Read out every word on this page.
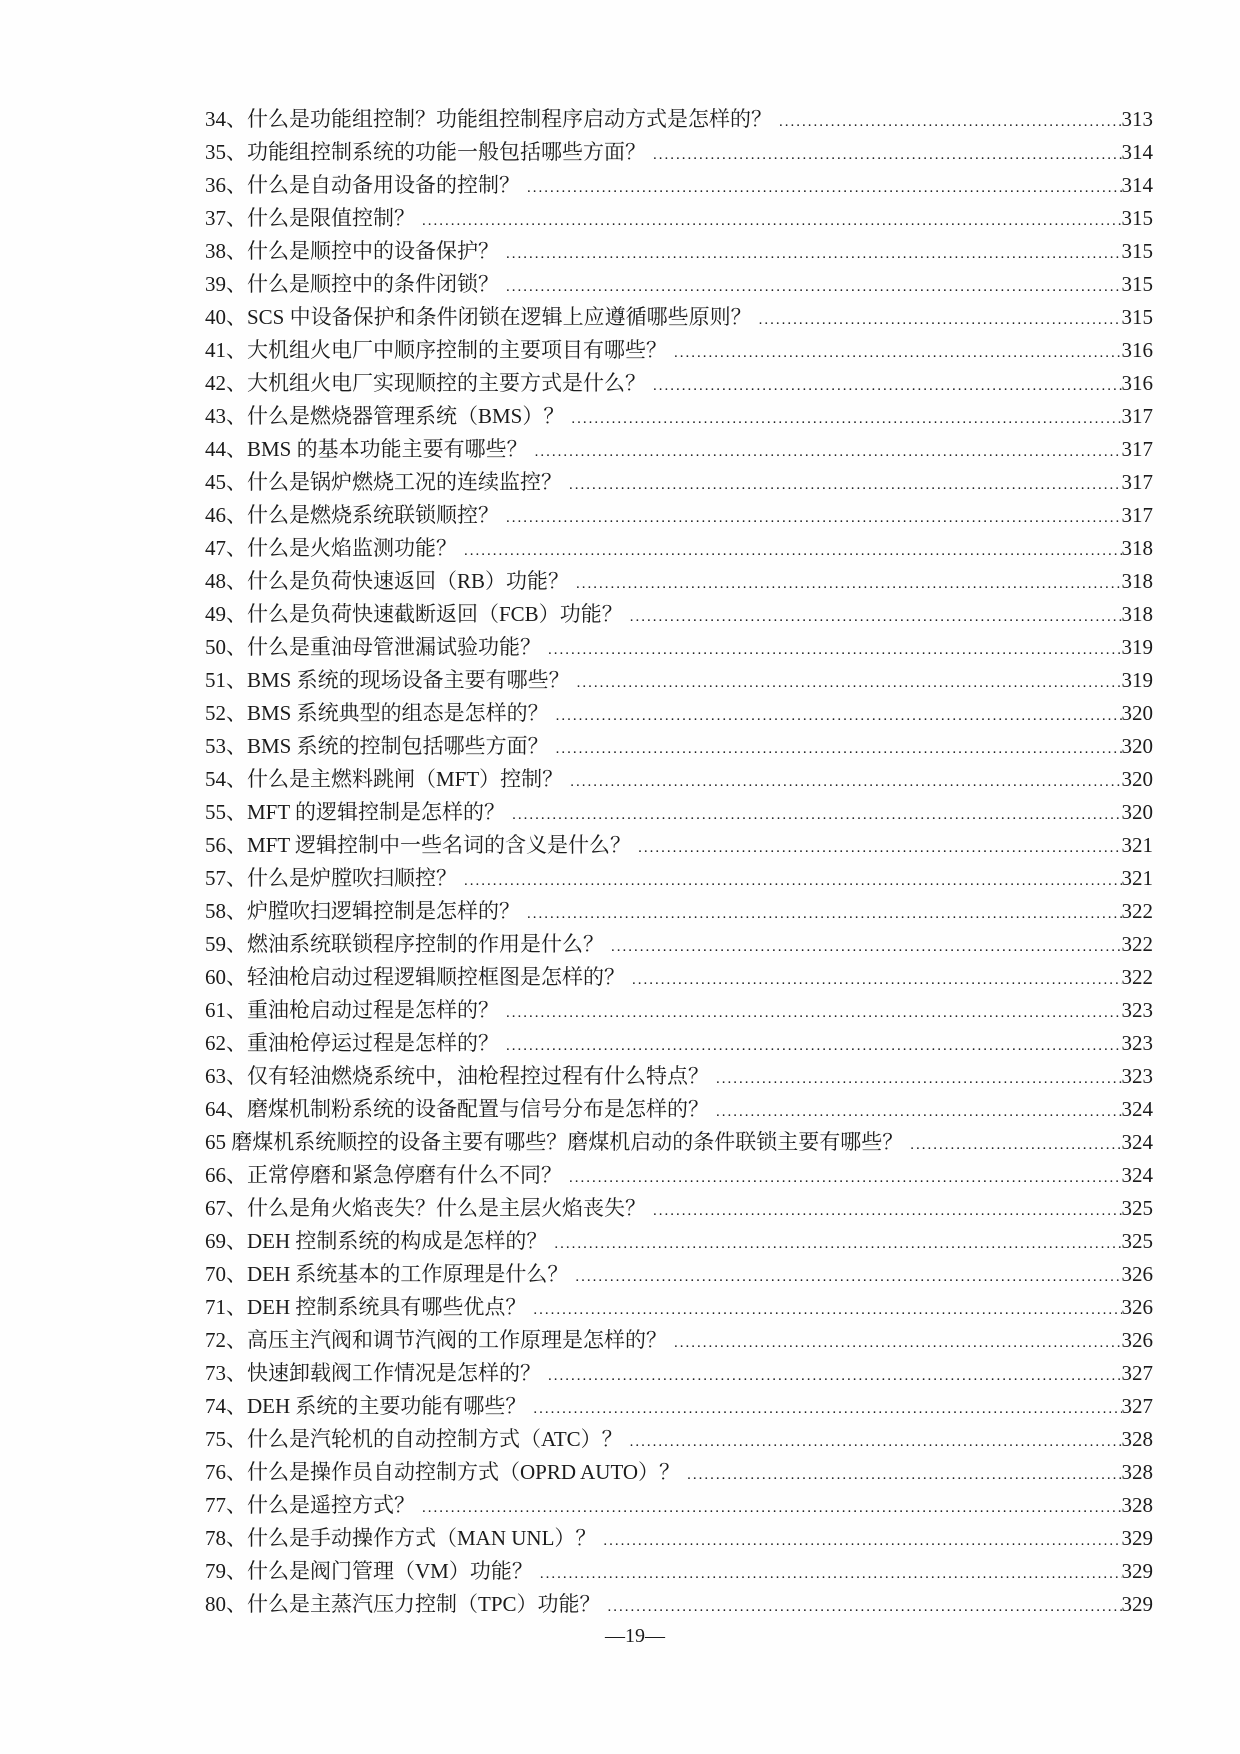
34、什么是功能组控制？功能组控制程序启动方式是怎样的？ .....	313
35、功能组控制系统的功能一般包括哪些方面？ .....	314
36、什么是自动备用设备的控制？ .....	314
37、什么是限值控制？ .....	315
38、什么是顺控中的设备保护？ .....	315
39、什么是顺控中的条件闭锁？ .....	315
40、SCS 中设备保护和条件闭锁在逻辑上应遵循哪些原则？ .....	315
41、大机组火电厂中顺序控制的主要项目有哪些？ .....	316
42、大机组火电厂实现顺控的主要方式是什么？ .....	316
43、什么是燃烧器管理系统（BMS）？ .....	317
44、BMS 的基本功能主要有哪些？ .....	317
45、什么是锅炉燃烧工况的连续监控？ .....	317
46、什么是燃烧系统联锁顺控？ .....	317
47、什么是火焰监测功能？ .....	318
48、什么是负荷快速返回（RB）功能？ .....	318
49、什么是负荷快速截断返回（FCB）功能？ .....	318
50、什么是重油母管泄漏试验功能？ .....	319
51、BMS 系统的现场设备主要有哪些？ .....	319
52、BMS 系统典型的组态是怎样的？ .....	320
53、BMS 系统的控制包括哪些方面？ .....	320
54、什么是主燃料跳闸（MFT）控制？ .....	320
55、MFT 的逻辑控制是怎样的？ .....	320
56、MFT 逻辑控制中一些名词的含义是什么？ .....	321
57、什么是炉膛吹扫顺控？ .....	321
58、炉膛吹扫逻辑控制是怎样的？ .....	322
59、燃油系统联锁程序控制的作用是什么？ .....	322
60、轻油枪启动过程逻辑顺控框图是怎样的？ .....	322
61、重油枪启动过程是怎样的？ .....	323
62、重油枪停运过程是怎样的？ .....	323
63、仅有轻油燃烧系统中，油枪程控过程有什么特点？ .....	323
64、磨煤机制粉系统的设备配置与信号分布是怎样的？ .....	324
65 磨煤机系统顺控的设备主要有哪些？磨煤机启动的条件联锁主要有哪些？ .....	324
66、正常停磨和紧急停磨有什么不同？ .....	324
67、什么是角火焰丧失？什么是主层火焰丧失？ .....	325
69、DEH 控制系统的构成是怎样的？ .....	325
70、DEH 系统基本的工作原理是什么？ .....	326
71、DEH 控制系统具有哪些优点？ .....	326
72、高压主汽阀和调节汽阀的工作原理是怎样的？ .....	326
73、快速卸载阀工作情况是怎样的？ .....	327
74、DEH 系统的主要功能有哪些？ .....	327
75、什么是汽轮机的自动控制方式（ATC）？ .....	328
76、什么是操作员自动控制方式（OPRD AUTO）？ .....	328
77、什么是遥控方式？ .....	328
78、什么是手动操作方式（MAN UNL）？ .....	329
79、什么是阀门管理（VM）功能？ .....	329
80、什么是主蒸汽压力控制（TPC）功能？ .....	329
—19—
